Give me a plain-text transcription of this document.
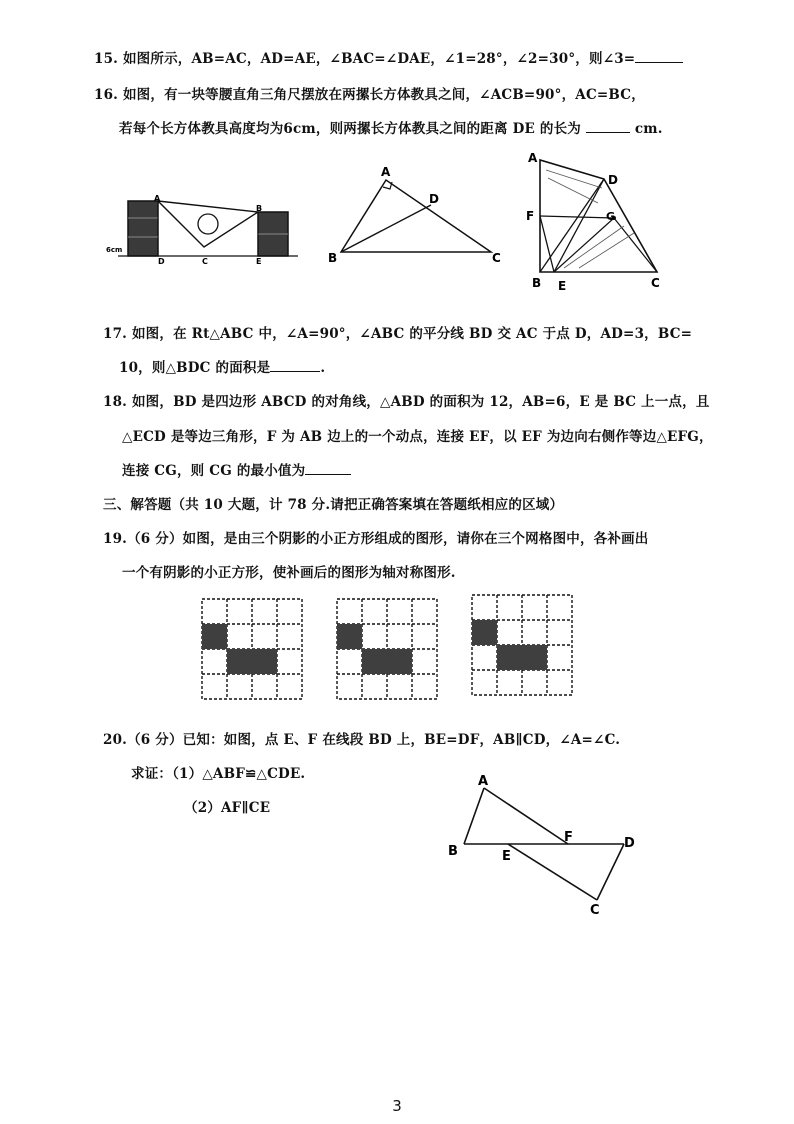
15. 如图所示，AB=AC，AD=AE，∠BAC=∠DAE，∠1=28°，∠2=30°，则∠3=
16. 如图，有一块等腰直角三角尺摆放在两摞长方体教具之间，∠ACB=90°，AC=BC，
若每个长方体教具高度均为6cm，则两摞长方体教具之间的距离 DE 的长为	cm.
A
B
C
D	E
6cm
A
B	C
D
A
D
F	G
B E	C
17. 如图，在 Rt△ABC 中，∠A=90°，∠ABC 的平分线 BD 交 AC 于点 D，AD=3，BC=
10，则△BDC 的面积是	.
18. 如图，BD 是四边形 ABCD 的对角线，△ABD 的面积为 12，AB=6，E 是 BC 上一点，且
△ECD 是等边三角形，F 为 AB 边上的一个动点，连接 EF，以 EF 为边向右侧作等边△EFG，
连接 CG，则 CG 的最小值为
三、解答题（共 10 大题，计 78 分.请把正确答案填在答题纸相应的区域）
19.（6 分）如图，是由三个阴影的小正方形组成的图形，请你在三个网格图中，各补画出
一个有阴影的小正方形，使补画后的图形为轴对称图形.
20.（6 分）已知：如图，点 E、F 在线段 BD 上，BE=DF，AB∥CD，∠A=∠C.
求证：（1）△ABF≌△CDE.
（2）AF∥CE
A
B	E
F	D
C
3
